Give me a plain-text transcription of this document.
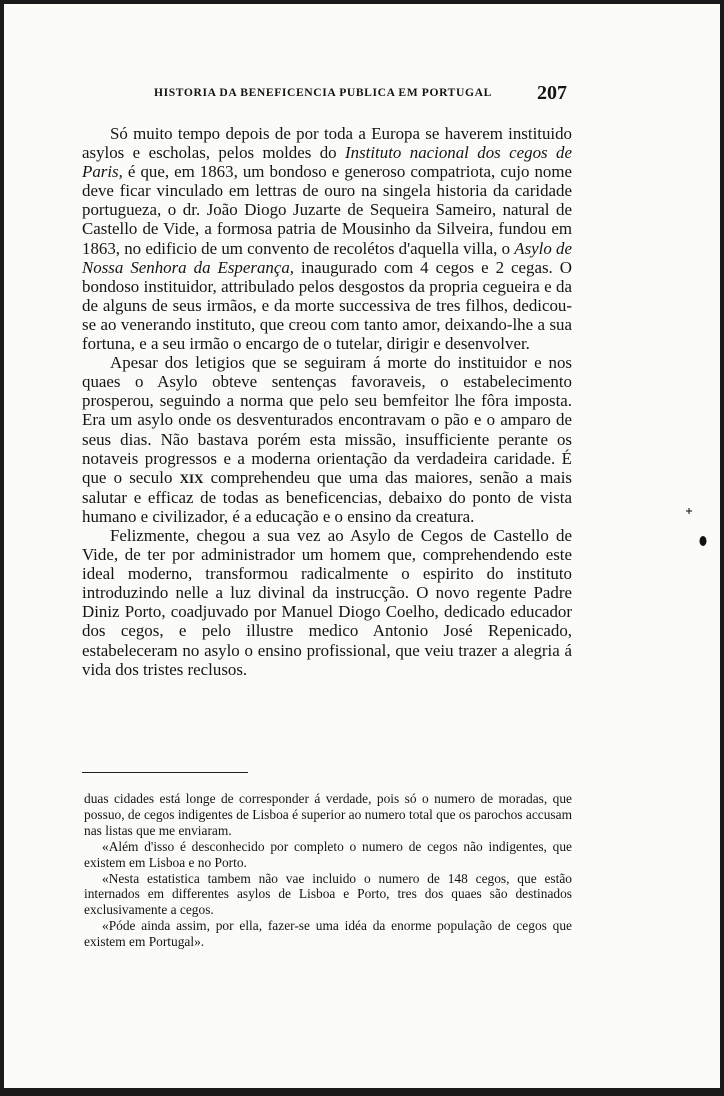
HISTORIA DA BENEFICENCIA PUBLICA EM PORTUGAL	207

Só muito tempo depois de por toda a Europa se haverem instituido asylos e escholas, pelos moldes do Instituto nacional dos cegos de Paris, é que, em 1863, um bondoso e generoso compatriota, cujo nome deve ficar vinculado em lettras de ouro na singela historia da caridade portugueza, o dr. João Diogo Juzarte de Sequeira Sameiro, natural de Castello de Vide, a formosa patria de Mousinho da Silveira, fundou em 1863, no edificio de um convento de recolétos d'aquella villa, o Asylo de Nossa Senhora da Esperança, inaugurado com 4 cegos e 2 cegas. O bondoso instituidor, attribulado pelos desgostos da propria cegueira e da de alguns de seus irmãos, e da morte successiva de tres filhos, dedicou-se ao venerando instituto, que creou com tanto amor, deixando-lhe a sua fortuna, e a seu irmão o encargo de o tutelar, dirigir e desenvolver.

Apesar dos letigios que se seguiram á morte do instituidor e nos quaes o Asylo obteve sentenças favoraveis, o estabelecimento prosperou, seguindo a norma que pelo seu bemfeitor lhe fôra imposta. Era um asylo onde os desventurados encontravam o pão e o amparo de seus dias. Não bastava porém esta missão, insufficiente perante os notaveis progressos e a moderna orientação da verdadeira caridade. É que o seculo XIX comprehendeu que uma das maiores, senão a mais salutar e efficaz de todas as beneficencias, debaixo do ponto de vista humano e civilizador, é a educação e o ensino da creatura.

Felizmente, chegou a sua vez ao Asylo de Cegos de Castello de Vide, de ter por administrador um homem que, comprehendendo este ideal moderno, transformou radicalmente o espirito do instituto introduzindo nelle a luz divinal da instrucção. O novo regente Padre Diniz Porto, coadjuvado por Manuel Diogo Coelho, dedicado educador dos cegos, e pelo illustre medico Antonio José Repenicado, estabeleceram no asylo o ensino profissional, que veiu trazer a alegria á vida dos tristes reclusos.

duas cidades está longe de corresponder á verdade, pois só o numero de moradas, que possuo, de cegos indigentes de Lisboa é superior ao numero total que os parochos accusam nas listas que me enviaram.

«Além d'isso é desconhecido por completo o numero de cegos não indigentes, que existem em Lisboa e no Porto.

«Nesta estatistica tambem não vae incluido o numero de 148 cegos, que estão internados em differentes asylos de Lisboa e Porto, tres dos quaes são destinados exclusivamente a cegos.

«Póde ainda assim, por ella, fazer-se uma idéa da enorme população de cegos que existem em Portugal».
